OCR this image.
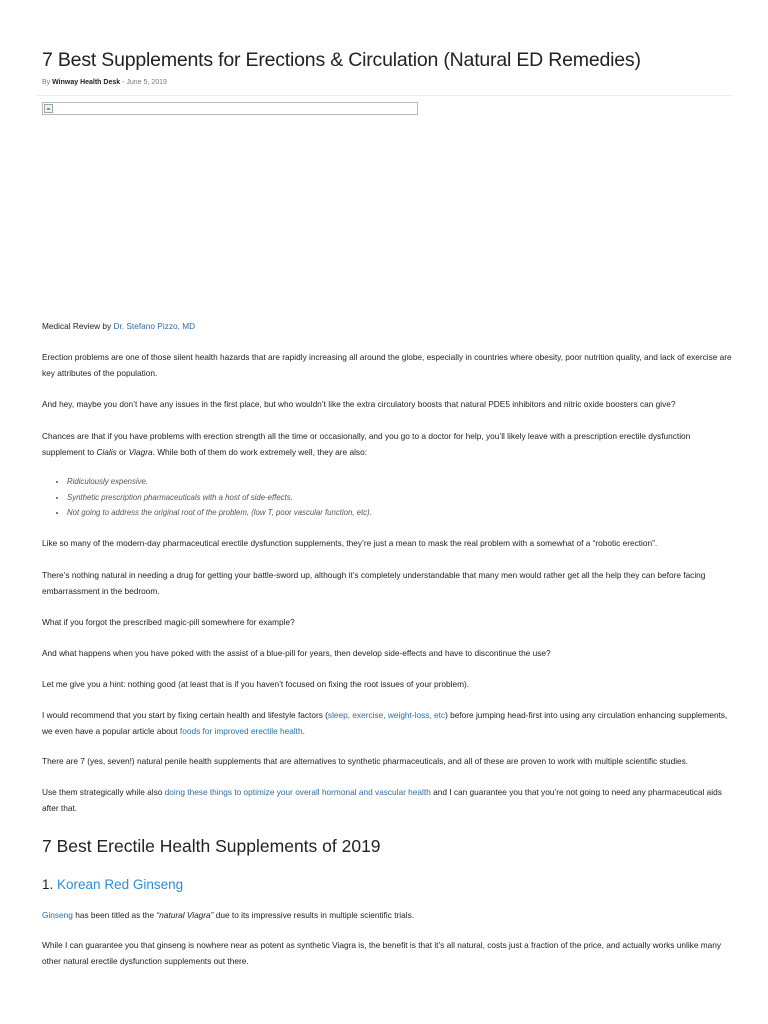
7 Best Supplements for Erections & Circulation (Natural ED Remedies)
By Winway Health Desk - June 5, 2019

Medical Review by Dr. Stefano Pizzo, MD

Erection problems are one of those silent health hazards that are rapidly increasing all around the globe, especially in countries where obesity, poor nutrition quality, and lack of exercise are key attributes of the population.

And hey, maybe you don’t have any issues in the first place, but who wouldn’t like the extra circulatory boosts that natural PDE5 inhibitors and nitric oxide boosters can give?

Chances are that if you have problems with erection strength all the time or occasionally, and you go to a doctor for help, you’ll likely leave with a prescription erectile dysfunction supplement to Cialis or Viagra. While both of them do work extremely well, they are also:

• Ridiculously expensive.
• Synthetic prescription pharmaceuticals with a host of side-effects.
• Not going to address the original root of the problem, (low T, poor vascular function, etc).

Like so many of the modern-day pharmaceutical erectile dysfunction supplements, they’re just a mean to mask the real problem with a somewhat of a “robotic erection”.

There’s nothing natural in needing a drug for getting your battle-sword up, although it’s completely understandable that many men would rather get all the help they can before facing embarrassment in the bedroom.

What if you forgot the prescribed magic-pill somewhere for example?

And what happens when you have poked with the assist of a blue-pill for years, then develop side-effects and have to discontinue the use?

Let me give you a hint: nothing good (at least that is if you haven’t focused on fixing the root issues of your problem).

I would recommend that you start by fixing certain health and lifestyle factors (sleep, exercise, weight-loss, etc) before jumping head-first into using any circulation enhancing supplements, we even have a popular article about foods for improved erectile health.

There are 7 (yes, seven!) natural penile health supplements that are alternatives to synthetic pharmaceuticals, and all of these are proven to work with multiple scientific studies.

Use them strategically while also doing these things to optimize your overall hormonal and vascular health and I can guarantee you that you’re not going to need any pharmaceutical aids after that.

7 Best Erectile Health Supplements of 2019
1. Korean Red Ginseng

Ginseng has been titled as the “natural Viagra” due to its impressive results in multiple scientific trials.

While I can guarantee you that ginseng is nowhere near as potent as synthetic Viagra is, the benefit is that it’s all natural, costs just a fraction of the price, and actually works unlike many other natural erectile dysfunction supplements out there.
